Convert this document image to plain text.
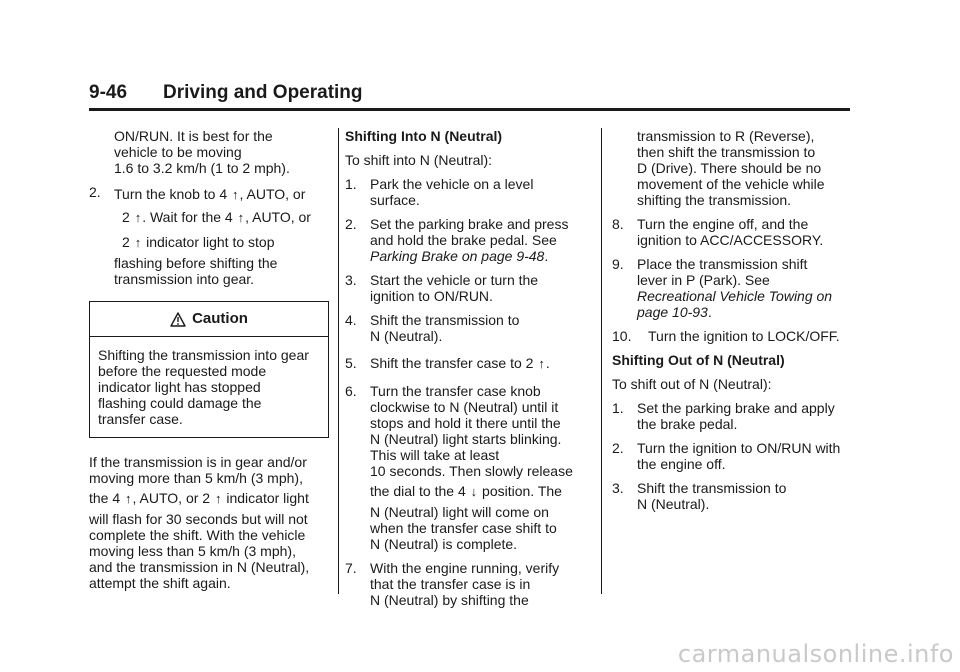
9-46 Driving and Operating
ON/RUN. It is best for the
vehicle to be moving
1.6 to 3.2 km/h (1 to 2 mph).
2. Turn the knob to 4 ↑, AUTO, or
2 ↑. Wait for the 4 ↑, AUTO, or
2 ↑ indicator light to stop
flashing before shifting the
transmission into gear.
Caution
Shifting the transmission into gear
before the requested mode
indicator light has stopped
flashing could damage the
transfer case.
If the transmission is in gear and/or
moving more than 5 km/h (3 mph),
the 4 ↑, AUTO, or 2 ↑ indicator light
will flash for 30 seconds but will not
complete the shift. With the vehicle
moving less than 5 km/h (3 mph),
and the transmission in N (Neutral),
attempt the shift again.
Shifting Into N (Neutral)

To shift into N (Neutral):

1. Park the vehicle on a level
surface.
2. Set the parking brake and press
and hold the brake pedal. See
Parking Brake on page 9-48.
3. Start the vehicle or turn the
ignition to ON/RUN.
4. Shift the transmission to
N (Neutral).
5. Shift the transfer case to 2 ↑.
6. Turn the transfer case knob
clockwise to N (Neutral) until it
stops and hold it there until the
N (Neutral) light starts blinking.
This will take at least
10 seconds. Then slowly release
the dial to the 4 ↓ position. The
N (Neutral) light will come on
when the transfer case shift to
N (Neutral) is complete.
7. With the engine running, verify
that the transfer case is in
N (Neutral) by shifting the
transmission to R (Reverse),
then shift the transmission to
D (Drive). There should be no
movement of the vehicle while
shifting the transmission.
8. Turn the engine off, and the
ignition to ACC/ACCESSORY.
9. Place the transmission shift
lever in P (Park). See
Recreational Vehicle Towing on
page 10-93.
10. Turn the ignition to LOCK/OFF.
Shifting Out of N (Neutral)

To shift out of N (Neutral):

1. Set the parking brake and apply
the brake pedal.
2. Turn the ignition to ON/RUN with
the engine off.
3. Shift the transmission to
N (Neutral).
carmanualsonline.info
